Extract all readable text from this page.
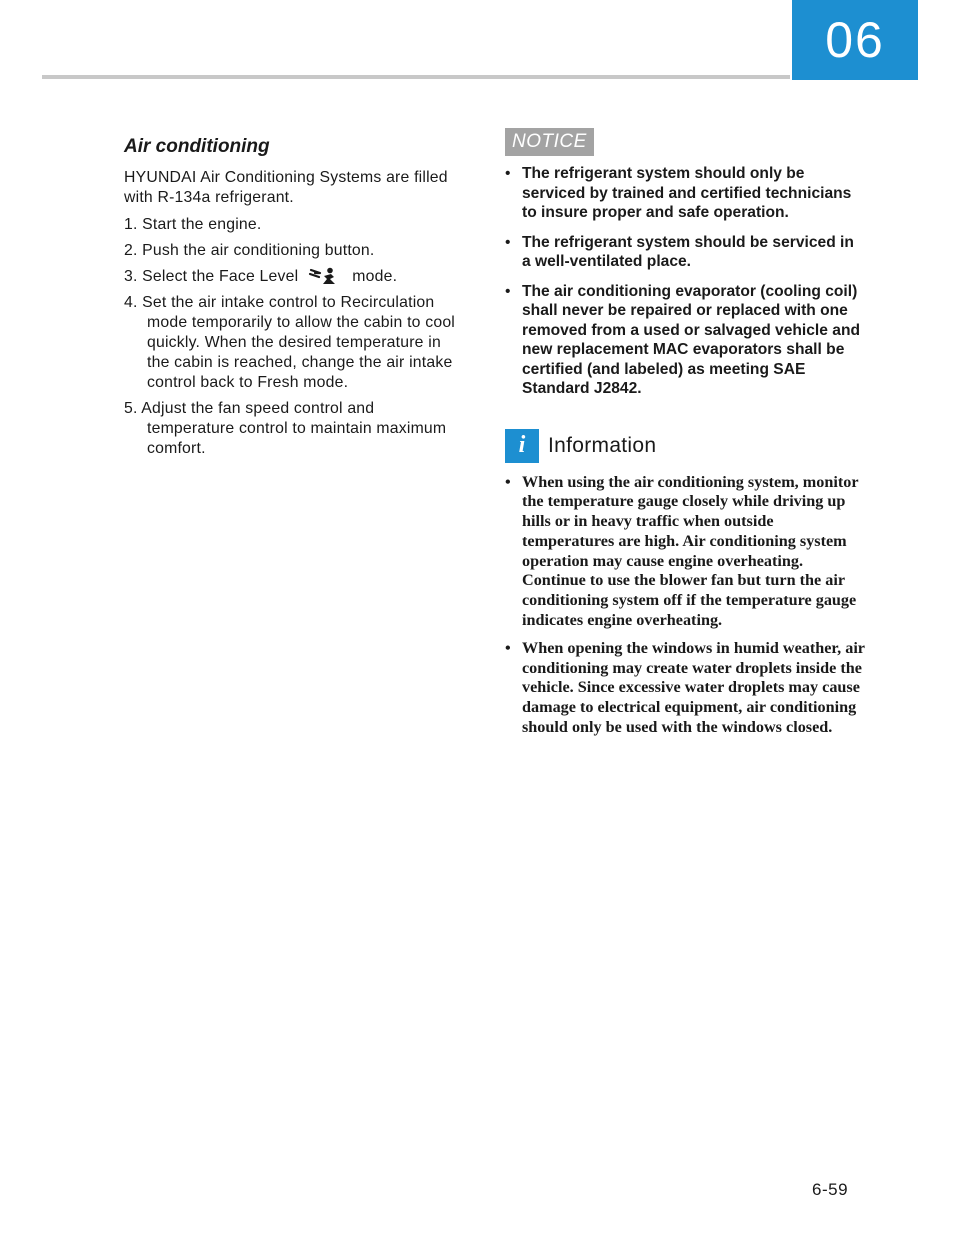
06
Air conditioning

HYUNDAI Air Conditioning Systems are filled with R-134a refrigerant.

1. Start the engine.
2. Push the air conditioning button.
3. Select the Face Level	mode.
4. Set the air intake control to Recirculation mode temporarily to allow the cabin to cool quickly. When the desired temperature in the cabin is reached, change the air intake control back to Fresh mode.
5. Adjust the fan speed control and temperature control to maintain maximum comfort.
NOTICE
• The refrigerant system should only be serviced by trained and certified technicians to insure proper and safe operation.
• The refrigerant system should be serviced in a well-ventilated place.
• The air conditioning evaporator (cooling coil) shall never be repaired or replaced with one removed from a used or salvaged vehicle and new replacement MAC evaporators shall be certified (and labeled) as meeting SAE Standard J2842.
i	Information
• When using the air conditioning system, monitor the temperature gauge closely while driving up hills or in heavy traffic when outside temperatures are high. Air conditioning system operation may cause engine overheating. Continue to use the blower fan but turn the air conditioning system off if the temperature gauge indicates engine overheating.
• When opening the windows in humid weather, air conditioning may create water droplets inside the vehicle. Since excessive water droplets may cause damage to electrical equipment, air conditioning should only be used with the windows closed.
6-59
